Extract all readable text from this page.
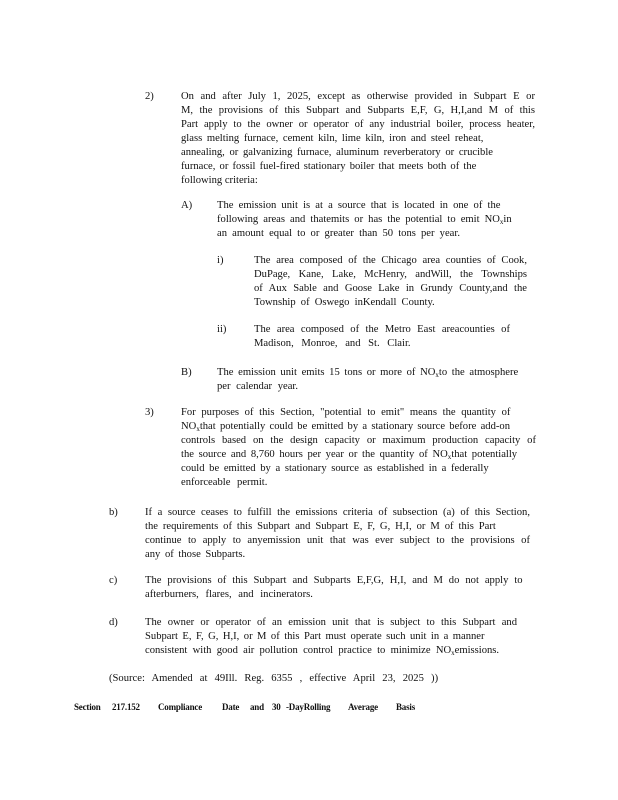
2)	On and after July 1, 2025, except as otherwise provided in Subpart E or
M, the provisions of this Subpart and Subparts E,F, G, H,I,and M of this
Part apply to the owner or operator of any industrial boiler, process heater,
glass melting furnace, cement kiln, lime kiln, iron and steel reheat,
annealing, or galvanizing furnace, aluminum reverberatory or crucible
furnace, or fossil fuel-fired stationary boiler that meets both of the
following criteria:
A) The emission unit is at a source that is located in one of the
following areas and thatemits or has the potential to emit $NO_xin$
an amount equal to or greater than 50 tons per year.
i)	The area composed of the Chicago area counties of Cook,
DuPage, Kane, Lake, McHenry, andWill, the Townships
of Aux Sable and Goose Lake in Grundy County,and the
Township of Oswego inKendall County.
ii)	The area composed of the Metro East areacounties of
Madison, Monroe, and St. Clair.
B) The emission unit emits 15 tons or more of $NO_xto$ the atmosphere
per calendar year.
3)	For purposes of this Section, "potential to emit" means the quantity of
$NO_xthat$ potentially could be emitted by a stationary source before add-on
controls based on the design capacity or maximum production capacity of
the source and 8,760 hours per year or the quantity of $NO_xthat$ potentially
could be emitted by a stationary source as established in a federally
enforceable permit.
b)	If a source ceases to fulfill the emissions criteria of subsection (a) of this Section,
the requirements of this Subpart and Subpart E, F, G, H,I, or M of this Part
continue to apply to anyemission unit that was ever subject to the provisions of
any of those Subparts.
c)	The provisions of this Subpart and Subparts E,F,G, H,I, and M do not apply to
afterburners, flares, and incinerators.
d)	The owner or operator of an emission unit that is subject to this Subpart and
Subpart E, F, G, H,I, or M of this Part must operate such unit in a manner
consistent with good air pollution control practice to minimize $NO_xemissions$.
(Source: Amended at 49Ill. Reg. 6355 , effective April 23, 2025 ))
Section 217.152 Compliance Date and 30 -DayRolling Average Basis
